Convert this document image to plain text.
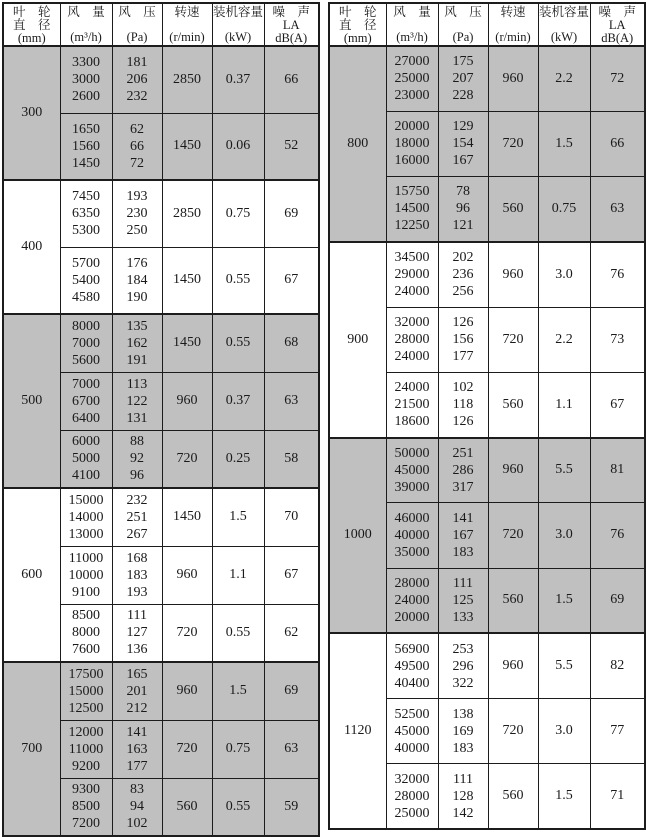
叶　轮
直　径
(mm)

风　量
(m³/h)

风　压
(Pa)

转速
(r/min)

装机容量
(kW)

噪　声
LA
dB(A)

300	
3300
3000
2600

181
206
232
	2850	0.37	66

1650
1560
1450

62
66
72
	1450	0.06	52
400	
7450
6350
5300

193
230
250
	2850	0.75	69

5700
5400
4580

176
184
190
	1450	0.55	67
500	
8000
7000
5600

135
162
191
	1450	0.55	68

7000
6700
6400

113
122
131
	960	0.37	63

6000
5000
4100

88
92
96
	720	0.25	58
600	
15000
14000
13000

232
251
267
	1450	1.5	70

11000
10000
9100

168
183
193
	960	1.1	67

8500
8000
7600

111
127
136
	720	0.55	62
700	
17500
15000
12500

165
201
212
	960	1.5	69

12000
11000
9200

141
163
177
	720	0.75	63

9300
8500
7200

83
94
102
	560	0.55	59
叶　轮
直　径
(mm)

风　量
(m³/h)

风　压
(Pa)

转速
(r/min)

装机容量
(kW)

噪　声
LA
dB(A)

800	
27000
25000
23000

175
207
228
	960	2.2	72

20000
18000
16000

129
154
167
	720	1.5	66

15750
14500
12250

78
96
121
	560	0.75	63
900	
34500
29000
24000

202
236
256
	960	3.0	76

32000
28000
24000

126
156
177
	720	2.2	73

24000
21500
18600

102
118
126
	560	1.1	67
1000	
50000
45000
39000

251
286
317
	960	5.5	81

46000
40000
35000

141
167
183
	720	3.0	76

28000
24000
20000

111
125
133
	560	1.5	69
1120	
56900
49500
40400

253
296
322
	960	5.5	82

52500
45000
40000

138
169
183
	720	3.0	77

32000
28000
25000

111
128
142
	560	1.5	71
